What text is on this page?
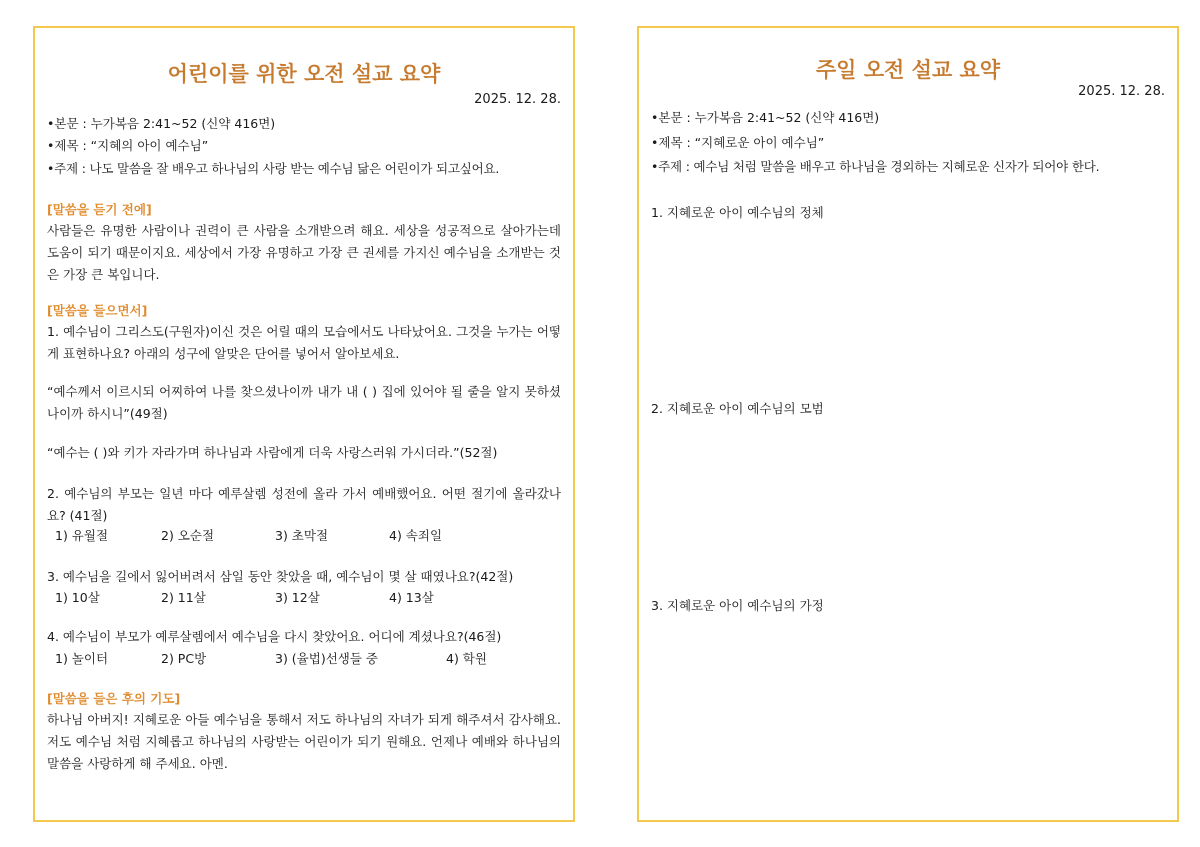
어린이를 위한 오전 설교 요약
2025. 12. 28.
•본문 : 누가복음 2:41~52 (신약 416면)
•제목 : “지혜의 아이 예수님”
•주제 : 나도 말씀을 잘 배우고 하나님의 사랑 받는 예수님 닮은 어린이가 되고싶어요.
[말씀을 듣기 전에]
사람들은 유명한 사람이나 권력이 큰 사람을 소개받으려 해요. 세상을 성공적으로 살아가는데 도움이 되기 때문이지요. 세상에서 가장 유명하고 가장 큰 권세를 가지신 예수님을 소개받는 것은 가장 큰 복입니다.
[말씀을 들으면서]
1. 예수님이 그리스도(구원자)이신 것은 어릴 때의 모습에서도 나타났어요. 그것을 누가는 어떻게 표현하나요? 아래의 성구에 알맞은 단어를 넣어서 알아보세요.
“예수께서 이르시되 어찌하여 나를 찾으셨나이까 내가 내 ( ) 집에 있어야 될 줄을 알지 못하셨나이까 하시니”(49절)
“예수는 ( )와 키가 자라가며 하나님과 사람에게 더욱 사랑스러워 가시더라.”(52절)
2. 예수님의 부모는 일년 마다 예루살렘 성전에 올라 가서 예배했어요. 어떤 절기에 올라갔나요? (41절)
1) 유월절	2) 오순절	3) 초막절	4) 속죄일
3. 예수님을 길에서 잃어버려서 삼일 동안 찾았을 때, 예수님이 몇 살 때였나요?(42절)
1) 10살	2) 11살	3) 12살	4) 13살
4. 예수님이 부모가 예루살렘에서 예수님을 다시 찾았어요. 어디에 계셨나요?(46절)
1) 놀이터	2) PC방	3) (율법)선생들 중	4) 학원
[말씀을 들은 후의 기도]
하나님 아버지! 지혜로운 아들 예수님을 통해서 저도 하나님의 자녀가 되게 해주셔서 감사해요. 저도 예수님 처럼 지혜롭고 하나님의 사랑받는 어린이가 되기 원해요. 언제나 예배와 하나님의 말씀을 사랑하게 해 주세요. 아멘.
주일 오전 설교 요약
2025. 12. 28.
•본문 : 누가복음 2:41~52 (신약 416면)
•제목 : “지혜로운 아이 예수님”
•주제 : 예수님 처럼 말씀을 배우고 하나님을 경외하는 지혜로운 신자가 되어야 한다.
1. 지혜로운 아이 예수님의 정체
2. 지혜로운 아이 예수님의 모범
3. 지혜로운 아이 예수님의 가정
